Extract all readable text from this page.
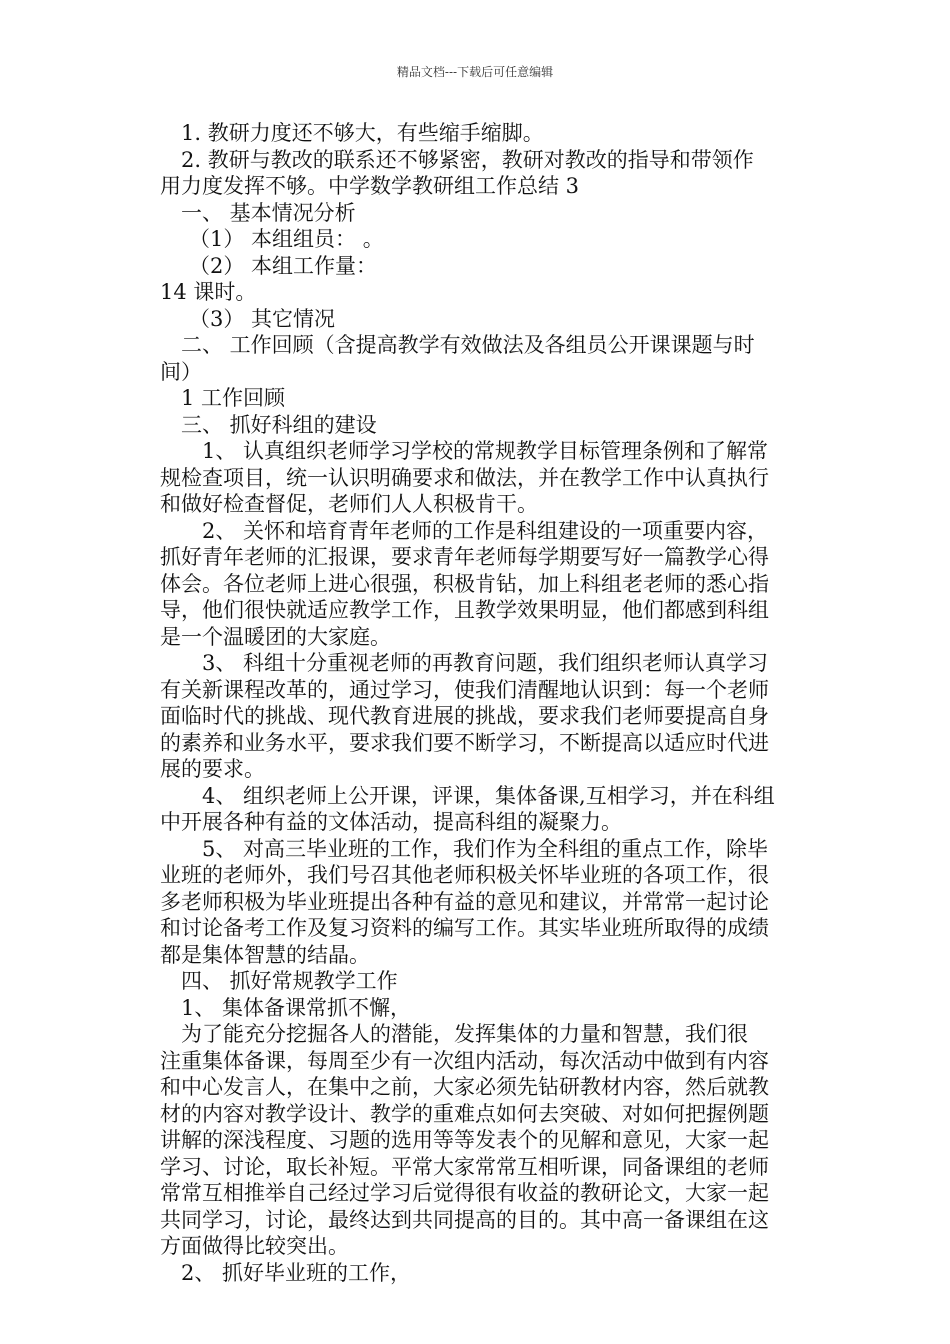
精品文档---下载后可任意编辑

1. 教研力度还不够大，有些缩手缩脚。

2. 教研与教改的联系还不够紧密，教研对教改的指导和带领作

用力度发挥不够。中学数学教研组工作总结 3

一、 基本情况分析

（1） 本组组员： 。

（2） 本组工作量：

14 课时。

（3） 其它情况

二、 工作回顾（含提高教学有效做法及各组员公开课课题与时

间）

1 工作回顾

三、 抓好科组的建设

1、 认真组织老师学习学校的常规教学目标管理条例和了解常

规检查项目，统一认识明确要求和做法，并在教学工作中认真执行

和做好检查督促，老师们人人积极肯干。

2、 关怀和培育青年老师的工作是科组建设的一项重要内容，

抓好青年老师的汇报课，要求青年老师每学期要写好一篇教学心得

体会。各位老师上进心很强，积极肯钻，加上科组老老师的悉心指

导，他们很快就适应教学工作，且教学效果明显，他们都感到科组

是一个温暖团的大家庭。

3、 科组十分重视老师的再教育问题，我们组织老师认真学习

有关新课程改革的，通过学习，使我们清醒地认识到：每一个老师

面临时代的挑战、现代教育进展的挑战，要求我们老师要提高自身

的素养和业务水平，要求我们要不断学习，不断提高以适应时代进

展的要求。

4、 组织老师上公开课，评课，集体备课,互相学习，并在科组

中开展各种有益的文体活动，提高科组的凝聚力。

5、 对高三毕业班的工作，我们作为全科组的重点工作，除毕

业班的老师外，我们号召其他老师积极关怀毕业班的各项工作，很

多老师积极为毕业班提出各种有益的意见和建议，并常常一起讨论

和讨论备考工作及复习资料的编写工作。其实毕业班所取得的成绩

都是集体智慧的结晶。

四、 抓好常规教学工作

1、 集体备课常抓不懈，

为了能充分挖掘各人的潜能，发挥集体的力量和智慧，我们很

注重集体备课，每周至少有一次组内活动，每次活动中做到有内容

和中心发言人，在集中之前，大家必须先钻研教材内容，然后就教

材的内容对教学设计、教学的重难点如何去突破、对如何把握例题

讲解的深浅程度、习题的选用等等发表个的见解和意见，大家一起

学习、讨论，取长补短。平常大家常常互相听课，同备课组的老师

常常互相推举自己经过学习后觉得很有收益的教研论文，大家一起

共同学习，讨论，最终达到共同提高的目的。其中高一备课组在这

方面做得比较突出。

2、 抓好毕业班的工作，
